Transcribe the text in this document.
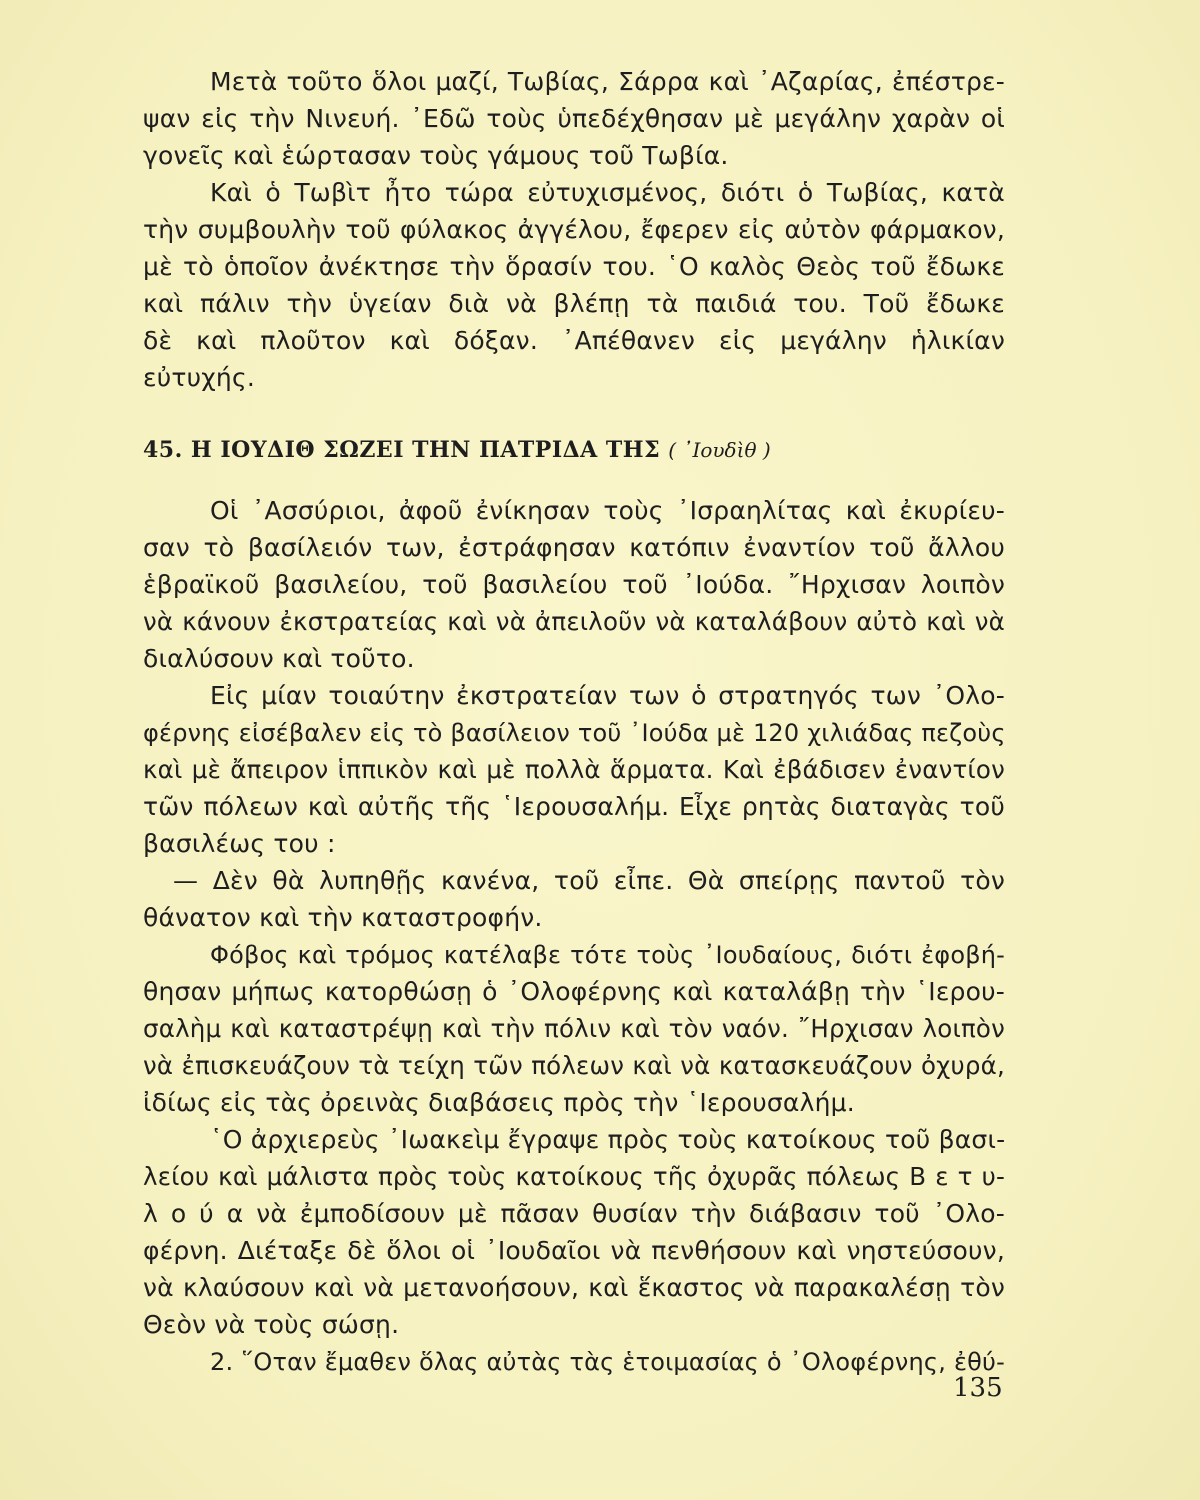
Μετὰ τοῦτο ὅλοι μαζί, Τωβίας, Σάρρα καὶ ᾿Αζαρίας, ἐπέστρε-
ψαν εἰς τὴν Νινευή. ᾿Εδῶ τοὺς ὑπεδέχθησαν μὲ μεγάλην χαρὰν οἱ
γονεῖς καὶ ἑώρτασαν τοὺς γάμους τοῦ Τωβία.
Καὶ ὁ Τωβὶτ ἦτο τώρα εὐτυχισμένος, διότι ὁ Τωβίας, κατὰ
τὴν συμβουλὴν τοῦ φύλακος ἀγγέλου, ἔφερεν εἰς αὐτὸν φάρμακον,
μὲ τὸ ὁποῖον ἀνέκτησε τὴν ὅρασίν του. ῾Ο καλὸς Θεὸς τοῦ ἔδωκε
καὶ πάλιν τὴν ὑγείαν διὰ νὰ βλέπῃ τὰ παιδιά του. Τοῦ ἔδωκε
δὲ καὶ πλοῦτον καὶ δόξαν. ᾿Απέθανεν εἰς μεγάλην ἡλικίαν
εὐτυχής.
45. Η ΙΟΥΔΙΘ ΣΩΖΕΙ ΤΗΝ ΠΑΤΡΙΔΑ ΤΗΣ ( ᾿Ιουδὶθ )
Οἱ ᾿Ασσύριοι, ἀφοῦ ἐνίκησαν τοὺς ᾿Ισραηλίτας καὶ ἐκυρίευ-
σαν τὸ βασίλειόν των, ἐστράφησαν κατόπιν ἐναντίον τοῦ ἄλλου
ἑβραϊκοῦ βασιλείου, τοῦ βασιλείου τοῦ ᾿Ιούδα. ῎Ηρχισαν λοιπὸν
νὰ κάνουν ἐκστρατείας καὶ νὰ ἀπειλοῦν νὰ καταλάβουν αὐτὸ καὶ νὰ
διαλύσουν καὶ τοῦτο.
Εἰς μίαν τοιαύτην ἐκστρατείαν των ὁ στρατηγός των ᾿Ολο-
φέρνης εἰσέβαλεν εἰς τὸ βασίλειον τοῦ ᾿Ιούδα μὲ 120 χιλιάδας πεζοὺς
καὶ μὲ ἄπειρον ἱππικὸν καὶ μὲ πολλὰ ἅρματα. Καὶ ἐβάδισεν ἐναντίον
τῶν πόλεων καὶ αὐτῆς τῆς ῾Ιερουσαλήμ. Εἶχε ρητὰς διαταγὰς τοῦ
βασιλέως του :
— Δὲν θὰ λυπηθῇς κανένα, τοῦ εἶπε. Θὰ σπείρῃς παντοῦ τὸν
θάνατον καὶ τὴν καταστροφήν.
Φόβος καὶ τρόμος κατέλαβε τότε τοὺς ᾿Ιουδαίους, διότι ἐφοβή-
θησαν μήπως κατορθώσῃ ὁ ᾿Ολοφέρνης καὶ καταλάβῃ τὴν ῾Ιερου-
σαλὴμ καὶ καταστρέψῃ καὶ τὴν πόλιν καὶ τὸν ναόν. ῎Ηρχισαν λοιπὸν
νὰ ἐπισκευάζουν τὰ τείχη τῶν πόλεων καὶ νὰ κατασκευάζουν ὀχυρά,
ἰδίως εἰς τὰς ὀρεινὰς διαβάσεις πρὸς τὴν ῾Ιερουσαλήμ.
῾Ο ἀρχιερεὺς ᾿Ιωακεὶμ ἔγραψε πρὸς τοὺς κατοίκους τοῦ βασι-
λείου καὶ μάλιστα πρὸς τοὺς κατοίκους τῆς ὀχυρᾶς πόλεως Β ε τ υ-
λ ο ύ α νὰ ἐμποδίσουν μὲ πᾶσαν θυσίαν τὴν διάβασιν τοῦ ᾿Ολο-
φέρνη. Διέταξε δὲ ὅλοι οἱ ᾿Ιουδαῖοι νὰ πενθήσουν καὶ νηστεύσουν,
νὰ κλαύσουν καὶ νὰ μετανοήσουν, καὶ ἕκαστος νὰ παρακαλέσῃ τὸν
Θεὸν νὰ τοὺς σώσῃ.
2. ῞Οταν ἔμαθεν ὅλας αὐτὰς τὰς ἑτοιμασίας ὁ ᾿Ολοφέρνης, ἐθύ-
135
